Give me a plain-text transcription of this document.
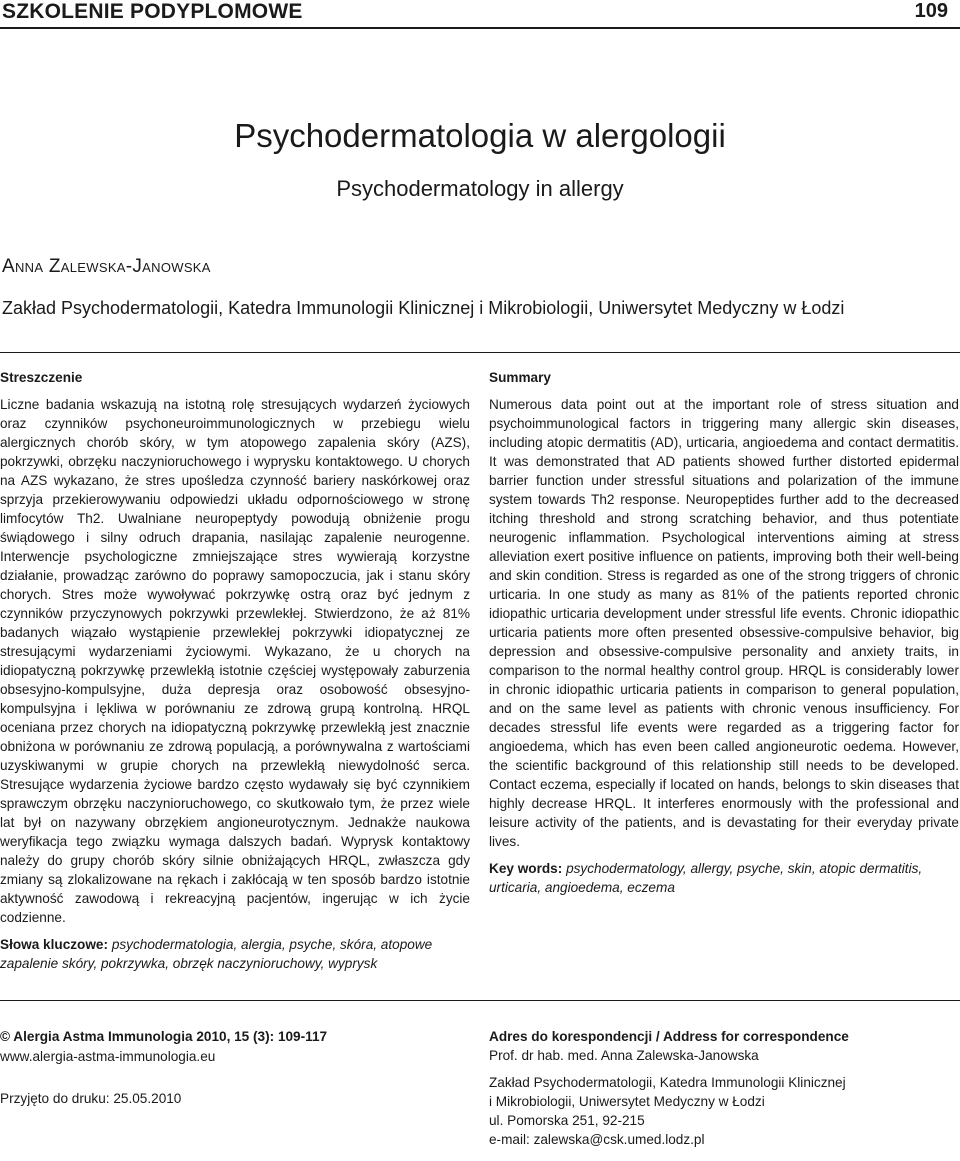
SZKOLENIE PODYPLOMOWE	109
Psychodermatologia w alergologii
Psychodermatology in allergy
Anna Zalewska-Janowska
Zakład Psychodermatologii, Katedra Immunologii Klinicznej i Mikrobiologii, Uniwersytet Medyczny w Łodzi
Streszczenie

Liczne badania wskazują na istotną rolę stresujących wydarzeń życiowych oraz czynników psychoneuroimmunologicznych w przebiegu wielu alergicznych chorób skóry, w tym atopowego zapalenia skóry (AZS), pokrzywki, obrzęku naczynioruchowego i wyprysku kontaktowego. U chorych na AZS wykazano, że stres upośledza czynność bariery naskórkowej oraz sprzyja przekierowywaniu odpowiedzi układu odpornościowego w stronę limfocytów Th2. Uwalniane neuropeptydy powodują obniżenie progu świądowego i silny odruch drapania, nasilając zapalenie neurogenne. Interwencje psychologiczne zmniejszające stres wywierają korzystne działanie, prowadząc zarówno do poprawy samopoczucia, jak i stanu skóry chorych. Stres może wywoływać pokrzywkę ostrą oraz być jednym z czynników przyczynowych pokrzywki przewlekłej. Stwierdzono, że aż 81% badanych wiązało wystąpienie przewlekłej pokrzywki idiopatycznej ze stresującymi wydarzeniami życiowymi. Wykazano, że u chorych na idiopatyczną pokrzywkę przewlekłą istotnie częściej występowały zaburzenia obsesyjno-kompulsyjne, duża depresja oraz osobowość obsesyjno-kompulsyjna i lękliwa w porównaniu ze zdrową grupą kontrolną. HRQL oceniana przez chorych na idiopatyczną pokrzywkę przewlekłą jest znacznie obniżona w porównaniu ze zdrową populacją, a porównywalna z wartościami uzyskiwanymi w grupie chorych na przewlekłą niewydolność serca. Stresujące wydarzenia życiowe bardzo często wydawały się być czynnikiem sprawczym obrzęku naczynioruchowego, co skutkowało tym, że przez wiele lat był on nazywany obrzękiem angioneurotycznym. Jednakże naukowa weryfikacja tego związku wymaga dalszych badań. Wyprysk kontaktowy należy do grupy chorób skóry silnie obniżających HRQL, zwłaszcza gdy zmiany są zlokalizowane na rękach i zakłócają w ten sposób bardzo istotnie aktywność zawodową i rekreacyjną pacjentów, ingerując w ich życie codzienne.

Słowa kluczowe: psychodermatologia, alergia, psyche, skóra, atopowe zapalenie skóry, pokrzywka, obrzęk naczynioruchowy, wyprysk

Summary

Numerous data point out at the important role of stress situation and psychoimmunological factors in triggering many allergic skin diseases, including atopic dermatitis (AD), urticaria, angioedema and contact dermatitis. It was demonstrated that AD patients showed further distorted epidermal barrier function under stressful situations and polarization of the immune system towards Th2 response. Neuropeptides further add to the decreased itching threshold and strong scratching behavior, and thus potentiate neurogenic inflammation. Psychological interventions aiming at stress alleviation exert positive influence on patients, improving both their well-being and skin condition. Stress is regarded as one of the strong triggers of chronic urticaria. In one study as many as 81% of the patients reported chronic idiopathic urticaria development under stressful life events. Chronic idiopathic urticaria patients more often presented obsessive-compulsive behavior, big depression and obsessive-compulsive personality and anxiety traits, in comparison to the normal healthy control group. HRQL is considerably lower in chronic idiopathic urticaria patients in comparison to general population, and on the same level as patients with chronic venous insufficiency. For decades stressful life events were regarded as a triggering factor for angioedema, which has even been called angioneurotic oedema. However, the scientific background of this relationship still needs to be developed. Contact eczema, especially if located on hands, belongs to skin diseases that highly decrease HRQL. It interferes enormously with the professional and leisure activity of the patients, and is devastating for their everyday private lives.

Key words: psychodermatology, allergy, psyche, skin, atopic dermatitis, urticaria, angioedema, eczema

© Alergia Astma Immunologia 2010, 15 (3): 109-117
www.alergia-astma-immunologia.eu
Przyjęto do druku: 25.05.2010
Adres do korespondencji / Address for correspondence
Prof. dr hab. med. Anna Zalewska-Janowska
Zakład Psychodermatologii, Katedra Immunologii Klinicznej
i Mikrobiologii, Uniwersytet Medyczny w Łodzi
ul. Pomorska 251, 92-215
e-mail: zalewska@csk.umed.lodz.pl
